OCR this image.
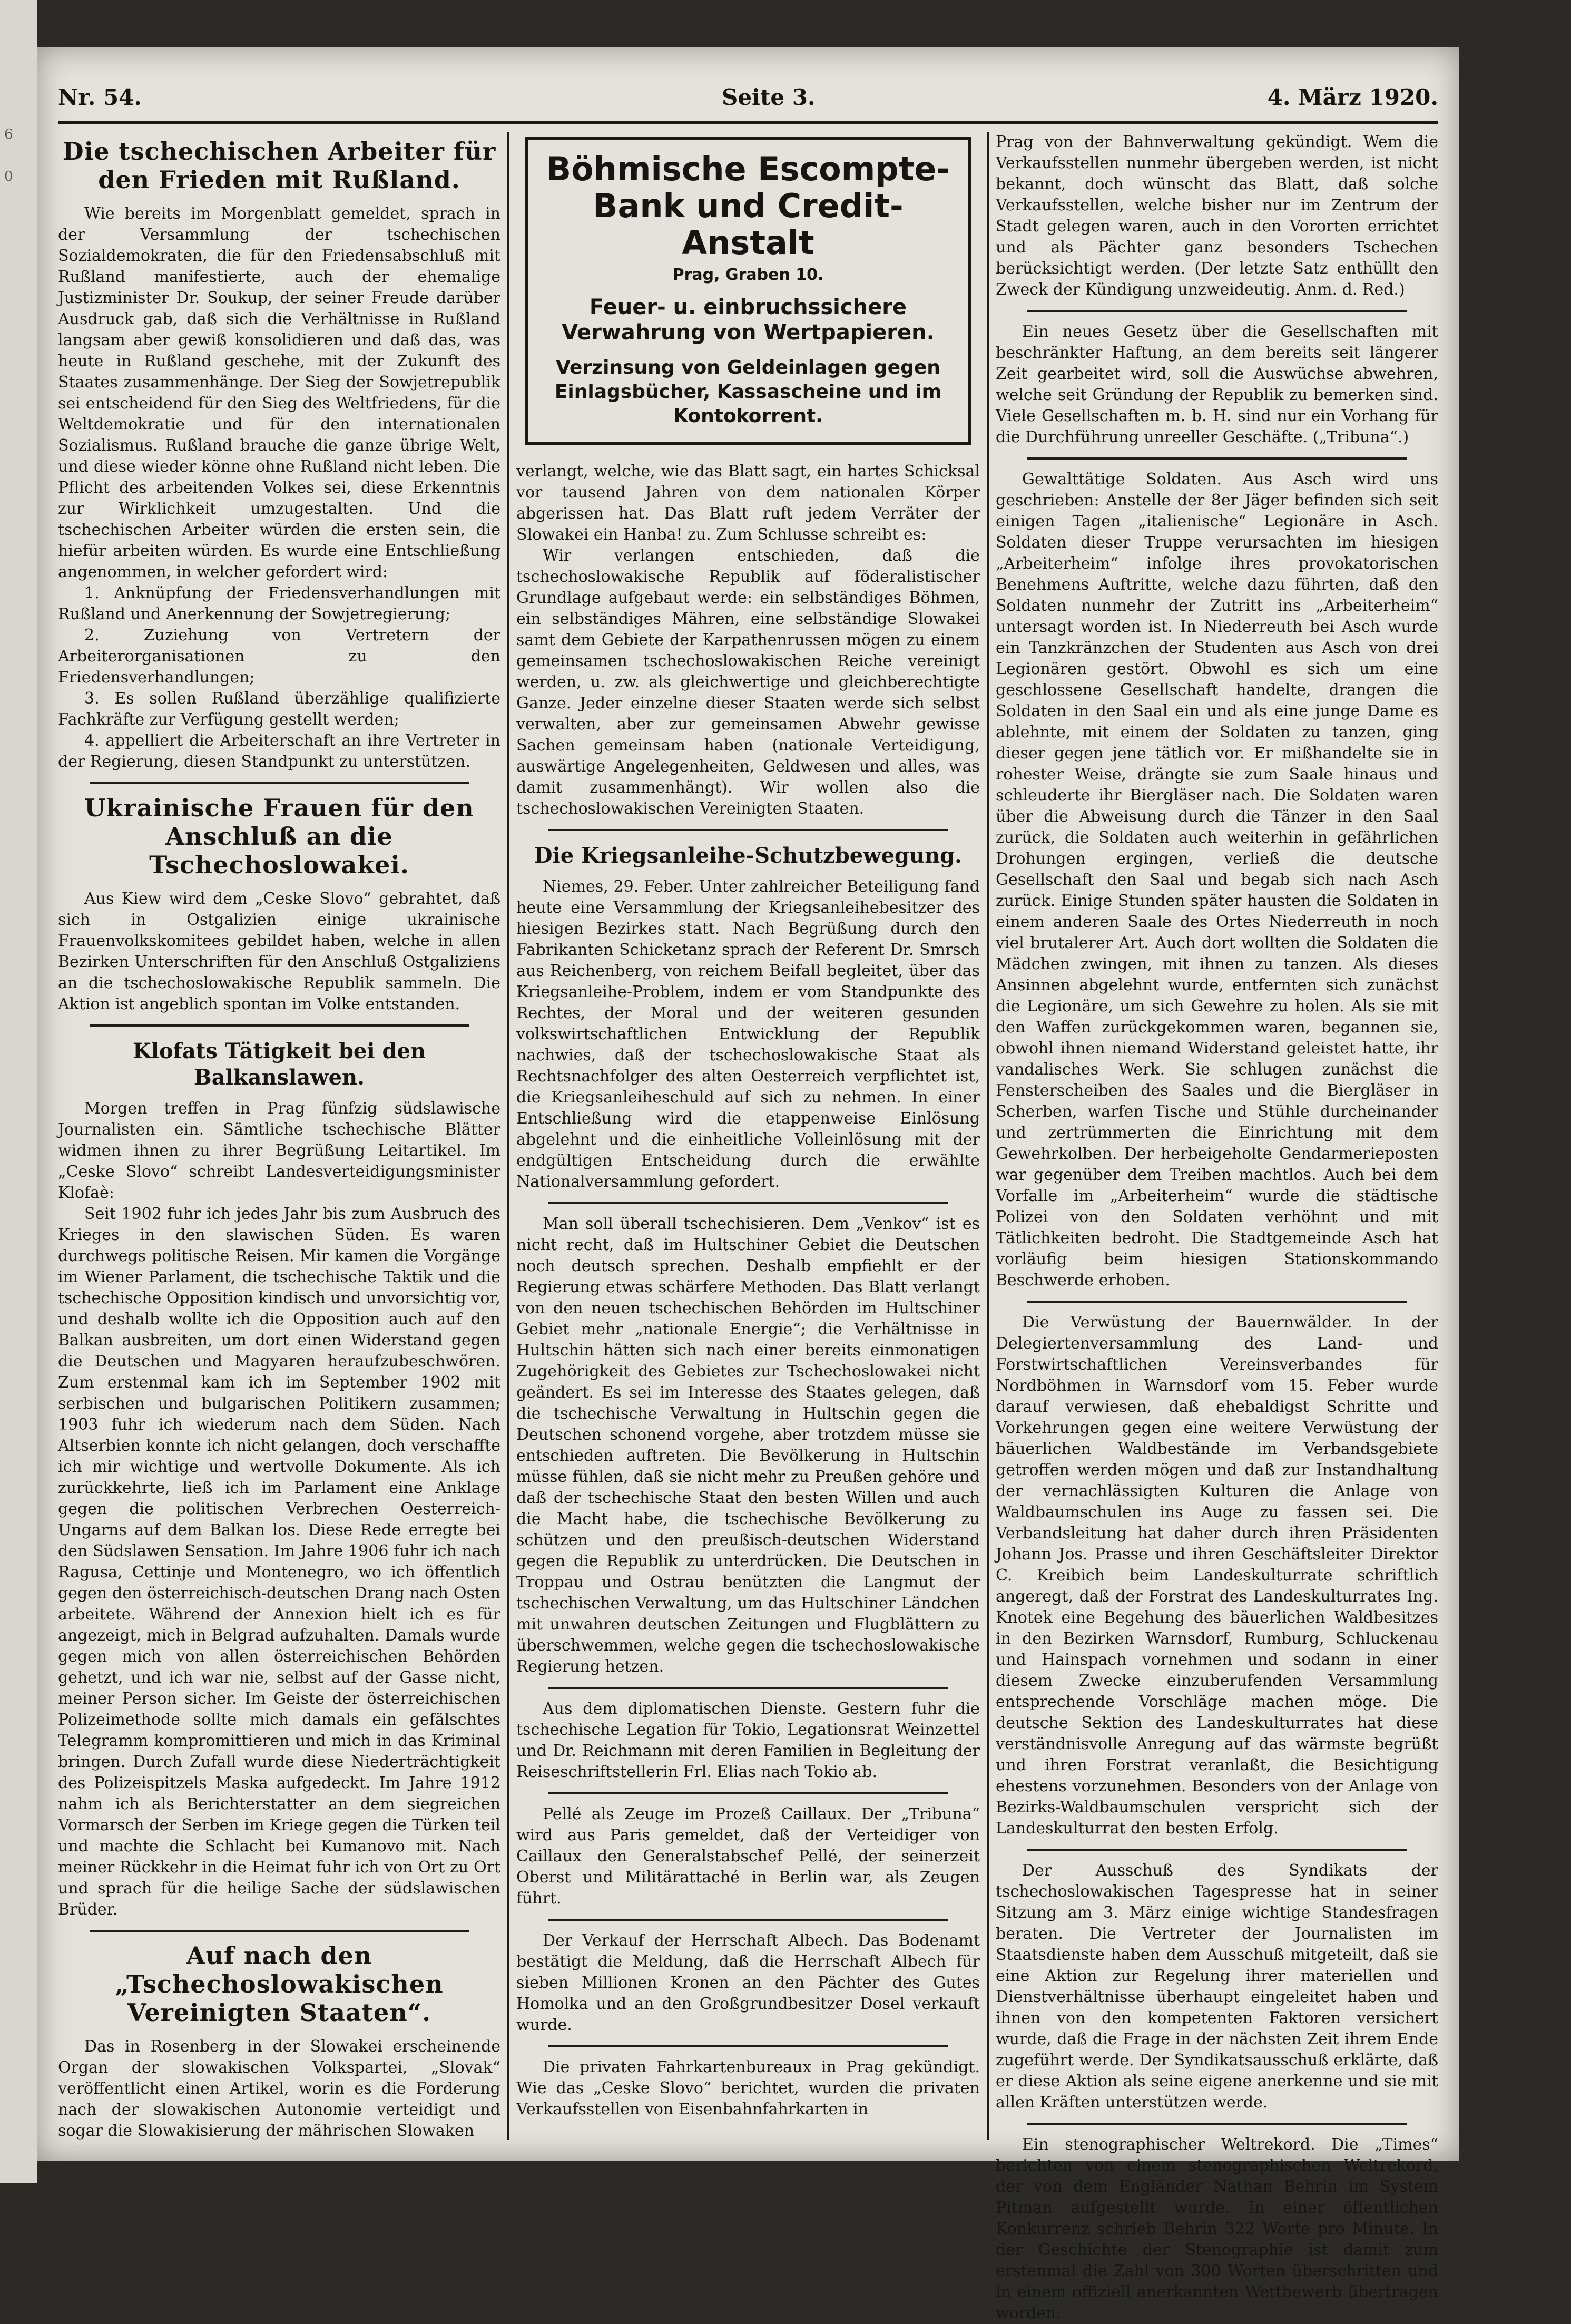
6
0
Nr. 54.	Seite 3.	4. März 1920.
Die tschechischen Arbeiter für den Frieden mit Rußland.

Wie bereits im Morgenblatt gemeldet, sprach in der Versammlung der tschechischen Sozialdemokraten, die für den Friedensabschluß mit Rußland manifestierte, auch der ehemalige Justizminister Dr. Soukup, der seiner Freude darüber Ausdruck gab, daß sich die Verhältnisse in Rußland langsam aber gewiß konsolidieren und daß das, was heute in Rußland geschehe, mit der Zukunft des Staates zusammenhänge. Der Sieg der Sowjetrepublik sei entscheidend für den Sieg des Weltfriedens, für die Weltdemokratie und für den internationalen Sozialismus. Rußland brauche die ganze übrige Welt, und diese wieder könne ohne Rußland nicht leben. Die Pflicht des arbeitenden Volkes sei, diese Erkenntnis zur Wirklichkeit umzugestalten. Und die tschechischen Arbeiter würden die ersten sein, die hiefür arbeiten würden. Es wurde eine Entschließung angenommen, in welcher gefordert wird:

1. Anknüpfung der Friedensverhandlungen mit Rußland und Anerkennung der Sowjetregierung;

2. Zuziehung von Vertretern der Arbeiterorganisationen zu den Friedensverhandlungen;

3. Es sollen Rußland überzählige qualifizierte Fachkräfte zur Verfügung gestellt werden;

4. appelliert die Arbeiterschaft an ihre Vertreter in der Regierung, diesen Standpunkt zu unterstützen.

Ukrainische Frauen für den Anschluß an die Tschechoslowakei.

Aus Kiew wird dem „Ceske Slovo“ gebrahtet, daß sich in Ostgalizien einige ukrainische Frauenvolkskomitees gebildet haben, welche in allen Bezirken Unterschriften für den Anschluß Ostgaliziens an die tschechoslowakische Republik sammeln. Die Aktion ist angeblich spontan im Volke entstanden.

Klofats Tätigkeit bei den Balkanslawen.

Morgen treffen in Prag fünfzig südslawische Journalisten ein. Sämtliche tschechische Blätter widmen ihnen zu ihrer Begrüßung Leitartikel. Im „Ceske Slovo“ schreibt Landesverteidigungsminister Klofaè:

Seit 1902 fuhr ich jedes Jahr bis zum Ausbruch des Krieges in den slawischen Süden. Es waren durchwegs politische Reisen. Mir kamen die Vorgänge im Wiener Parlament, die tschechische Taktik und die tschechische Opposition kindisch und unvorsichtig vor, und deshalb wollte ich die Opposition auch auf den Balkan ausbreiten, um dort einen Widerstand gegen die Deutschen und Magyaren heraufzubeschwören. Zum erstenmal kam ich im September 1902 mit serbischen und bulgarischen Politikern zusammen; 1903 fuhr ich wiederum nach dem Süden. Nach Altserbien konnte ich nicht gelangen, doch verschaffte ich mir wichtige und wertvolle Dokumente. Als ich zurückkehrte, ließ ich im Parlament eine Anklage gegen die politischen Verbrechen Oesterreich-Ungarns auf dem Balkan los. Diese Rede erregte bei den Südslawen Sensation. Im Jahre 1906 fuhr ich nach Ragusa, Cettinje und Montenegro, wo ich öffentlich gegen den österreichisch-deutschen Drang nach Osten arbeitete. Während der Annexion hielt ich es für angezeigt, mich in Belgrad aufzuhalten. Damals wurde gegen mich von allen österreichischen Behörden gehetzt, und ich war nie, selbst auf der Gasse nicht, meiner Person sicher. Im Geiste der österreichischen Polizeimethode sollte mich damals ein gefälschtes Telegramm kompromittieren und mich in das Kriminal bringen. Durch Zufall wurde diese Niederträchtigkeit des Polizeispitzels Maska aufgedeckt. Im Jahre 1912 nahm ich als Berichterstatter an dem siegreichen Vormarsch der Serben im Kriege gegen die Türken teil und machte die Schlacht bei Kumanovo mit. Nach meiner Rückkehr in die Heimat fuhr ich von Ort zu Ort und sprach für die heilige Sache der südslawischen Brüder.

Auf nach den „Tschechoslowakischen Vereinigten Staaten“.

Das in Rosenberg in der Slowakei erscheinende Organ der slowakischen Volkspartei, „Slovak“ veröffentlicht einen Artikel, worin es die Forderung nach der slowakischen Autonomie verteidigt und sogar die Slowakisierung der mährischen Slowaken

Böhmische Escompte-Bank und Credit-Anstalt
Prag, Graben 10.
Feuer- u. einbruchssichere Verwahrung von Wertpapieren.
Verzinsung von Geldeinlagen gegen Einlagsbücher, Kassascheine und im Kontokorrent.

verlangt, welche, wie das Blatt sagt, ein hartes Schicksal vor tausend Jahren von dem nationalen Körper abgerissen hat. Das Blatt ruft jedem Verräter der Slowakei ein Hanba! zu. Zum Schlusse schreibt es:

Wir verlangen entschieden, daß die tschechoslowakische Republik auf föderalistischer Grundlage aufgebaut werde: ein selbständiges Böhmen, ein selbständiges Mähren, eine selbständige Slowakei samt dem Gebiete der Karpathenrussen mögen zu einem gemeinsamen tschechoslowakischen Reiche vereinigt werden, u. zw. als gleichwertige und gleichberechtigte Ganze. Jeder einzelne dieser Staaten werde sich selbst verwalten, aber zur gemeinsamen Abwehr gewisse Sachen gemeinsam haben (nationale Verteidigung, auswärtige Angelegenheiten, Geldwesen und alles, was damit zusammenhängt). Wir wollen also die tschechoslowakischen Vereinigten Staaten.

Die Kriegsanleihe-Schutzbewegung.

Niemes, 29. Feber. Unter zahlreicher Beteiligung fand heute eine Versammlung der Kriegsanleihebesitzer des hiesigen Bezirkes statt. Nach Begrüßung durch den Fabrikanten Schicketanz sprach der Referent Dr. Smrsch aus Reichenberg, von reichem Beifall begleitet, über das Kriegsanleihe-Problem, indem er vom Standpunkte des Rechtes, der Moral und der weiteren gesunden volkswirtschaftlichen Entwicklung der Republik nachwies, daß der tschechoslowakische Staat als Rechtsnachfolger des alten Oesterreich verpflichtet ist, die Kriegsanleiheschuld auf sich zu nehmen. In einer Entschließung wird die etappenweise Einlösung abgelehnt und die einheitliche Volleinlösung mit der endgültigen Entscheidung durch die erwählte Nationalversammlung gefordert.

Man soll überall tschechisieren. Dem „Venkov“ ist es nicht recht, daß im Hultschiner Gebiet die Deutschen noch deutsch sprechen. Deshalb empfiehlt er der Regierung etwas schärfere Methoden. Das Blatt verlangt von den neuen tschechischen Behörden im Hultschiner Gebiet mehr „nationale Energie“; die Verhältnisse in Hultschin hätten sich nach einer bereits einmonatigen Zugehörigkeit des Gebietes zur Tschechoslowakei nicht geändert. Es sei im Interesse des Staates gelegen, daß die tschechische Verwaltung in Hultschin gegen die Deutschen schonend vorgehe, aber trotzdem müsse sie entschieden auftreten. Die Bevölkerung in Hultschin müsse fühlen, daß sie nicht mehr zu Preußen gehöre und daß der tschechische Staat den besten Willen und auch die Macht habe, die tschechische Bevölkerung zu schützen und den preußisch-deutschen Widerstand gegen die Republik zu unterdrücken. Die Deutschen in Troppau und Ostrau benützten die Langmut der tschechischen Verwaltung, um das Hultschiner Ländchen mit unwahren deutschen Zeitungen und Flugblättern zu überschwemmen, welche gegen die tschechoslowakische Regierung hetzen.

Aus dem diplomatischen Dienste. Gestern fuhr die tschechische Legation für Tokio, Legationsrat Weinzettel und Dr. Reichmann mit deren Familien in Begleitung der Reiseschriftstellerin Frl. Elias nach Tokio ab.

Pellé als Zeuge im Prozeß Caillaux. Der „Tribuna“ wird aus Paris gemeldet, daß der Verteidiger von Caillaux den Generalstabschef Pellé, der seinerzeit Oberst und Militärattaché in Berlin war, als Zeugen führt.

Der Verkauf der Herrschaft Albech. Das Bodenamt bestätigt die Meldung, daß die Herrschaft Albech für sieben Millionen Kronen an den Pächter des Gutes Homolka und an den Großgrundbesitzer Dosel verkauft wurde.

Die privaten Fahrkartenbureaux in Prag gekündigt. Wie das „Ceske Slovo“ berichtet, wurden die privaten Verkaufsstellen von Eisenbahnfahrkarten in

Prag von der Bahnverwaltung gekündigt. Wem die Verkaufsstellen nunmehr übergeben werden, ist nicht bekannt, doch wünscht das Blatt, daß solche Verkaufsstellen, welche bisher nur im Zentrum der Stadt gelegen waren, auch in den Vororten errichtet und als Pächter ganz besonders Tschechen berücksichtigt werden. (Der letzte Satz enthüllt den Zweck der Kündigung unzweideutig. Anm. d. Red.)

Ein neues Gesetz über die Gesellschaften mit beschränkter Haftung, an dem bereits seit längerer Zeit gearbeitet wird, soll die Auswüchse abwehren, welche seit Gründung der Republik zu bemerken sind. Viele Gesellschaften m. b. H. sind nur ein Vorhang für die Durchführung unreeller Geschäfte. („Tribuna“.)

Gewalttätige Soldaten. Aus Asch wird uns geschrieben: Anstelle der 8er Jäger befinden sich seit einigen Tagen „italienische“ Legionäre in Asch. Soldaten dieser Truppe verursachten im hiesigen „Arbeiterheim“ infolge ihres provokatorischen Benehmens Auftritte, welche dazu führten, daß den Soldaten nunmehr der Zutritt ins „Arbeiterheim“ untersagt worden ist. In Niederreuth bei Asch wurde ein Tanzkränzchen der Studenten aus Asch von drei Legionären gestört. Obwohl es sich um eine geschlossene Gesellschaft handelte, drangen die Soldaten in den Saal ein und als eine junge Dame es ablehnte, mit einem der Soldaten zu tanzen, ging dieser gegen jene tätlich vor. Er mißhandelte sie in rohester Weise, drängte sie zum Saale hinaus und schleuderte ihr Biergläser nach. Die Soldaten waren über die Abweisung durch die Tänzer in den Saal zurück, die Soldaten auch weiterhin in gefährlichen Drohungen ergingen, verließ die deutsche Gesellschaft den Saal und begab sich nach Asch zurück. Einige Stunden später hausten die Soldaten in einem anderen Saale des Ortes Niederreuth in noch viel brutalerer Art. Auch dort wollten die Soldaten die Mädchen zwingen, mit ihnen zu tanzen. Als dieses Ansinnen abgelehnt wurde, entfernten sich zunächst die Legionäre, um sich Gewehre zu holen. Als sie mit den Waffen zurückgekommen waren, begannen sie, obwohl ihnen niemand Widerstand geleistet hatte, ihr vandalisches Werk. Sie schlugen zunächst die Fensterscheiben des Saales und die Biergläser in Scherben, warfen Tische und Stühle durcheinander und zertrümmerten die Einrichtung mit dem Gewehrkolben. Der herbeigeholte Gendarmerieposten war gegenüber dem Treiben machtlos. Auch bei dem Vorfalle im „Arbeiterheim“ wurde die städtische Polizei von den Soldaten verhöhnt und mit Tätlichkeiten bedroht. Die Stadtgemeinde Asch hat vorläufig beim hiesigen Stationskommando Beschwerde erhoben.

Die Verwüstung der Bauernwälder. In der Delegiertenversammlung des Land- und Forstwirtschaftlichen Vereinsverbandes für Nordböhmen in Warnsdorf vom 15. Feber wurde darauf verwiesen, daß ehebaldigst Schritte und Vorkehrungen gegen eine weitere Verwüstung der bäuerlichen Waldbestände im Verbandsgebiete getroffen werden mögen und daß zur Instandhaltung der vernachlässigten Kulturen die Anlage von Waldbaumschulen ins Auge zu fassen sei. Die Verbandsleitung hat daher durch ihren Präsidenten Johann Jos. Prasse und ihren Geschäftsleiter Direktor C. Kreibich beim Landeskulturrate schriftlich angeregt, daß der Forstrat des Landeskulturrates Ing. Knotek eine Begehung des bäuerlichen Waldbesitzes in den Bezirken Warnsdorf, Rumburg, Schluckenau und Hainspach vornehmen und sodann in einer diesem Zwecke einzuberufenden Versammlung entsprechende Vorschläge machen möge. Die deutsche Sektion des Landeskulturrates hat diese verständnisvolle Anregung auf das wärmste begrüßt und ihren Forstrat veranlaßt, die Besichtigung ehestens vorzunehmen. Besonders von der Anlage von Bezirks-Waldbaumschulen verspricht sich der Landeskulturrat den besten Erfolg.

Der Ausschuß des Syndikats der tschechoslowakischen Tagespresse hat in seiner Sitzung am 3. März einige wichtige Standesfragen beraten. Die Vertreter der Journalisten im Staatsdienste haben dem Ausschuß mitgeteilt, daß sie eine Aktion zur Regelung ihrer materiellen und Dienstverhältnisse überhaupt eingeleitet haben und ihnen von den kompetenten Faktoren versichert wurde, daß die Frage in der nächsten Zeit ihrem Ende zugeführt werde. Der Syndikatsausschuß erklärte, daß er diese Aktion als seine eigene anerkenne und sie mit allen Kräften unterstützen werde.

Ein stenographischer Weltrekord. Die „Times“ berichten von einem stenographischen Weltrekord, der von dem Engländer Nathan Behrin im System Pitman aufgestellt wurde. In einer öffentlichen Konkurrenz schrieb Behrin 322 Worte pro Minute. In der Geschichte der Stenographie ist damit zum erstenmal die Zahl von 300 Worten überschritten und in einem offiziell anerkannten Wettbewerb übertragen worden.
